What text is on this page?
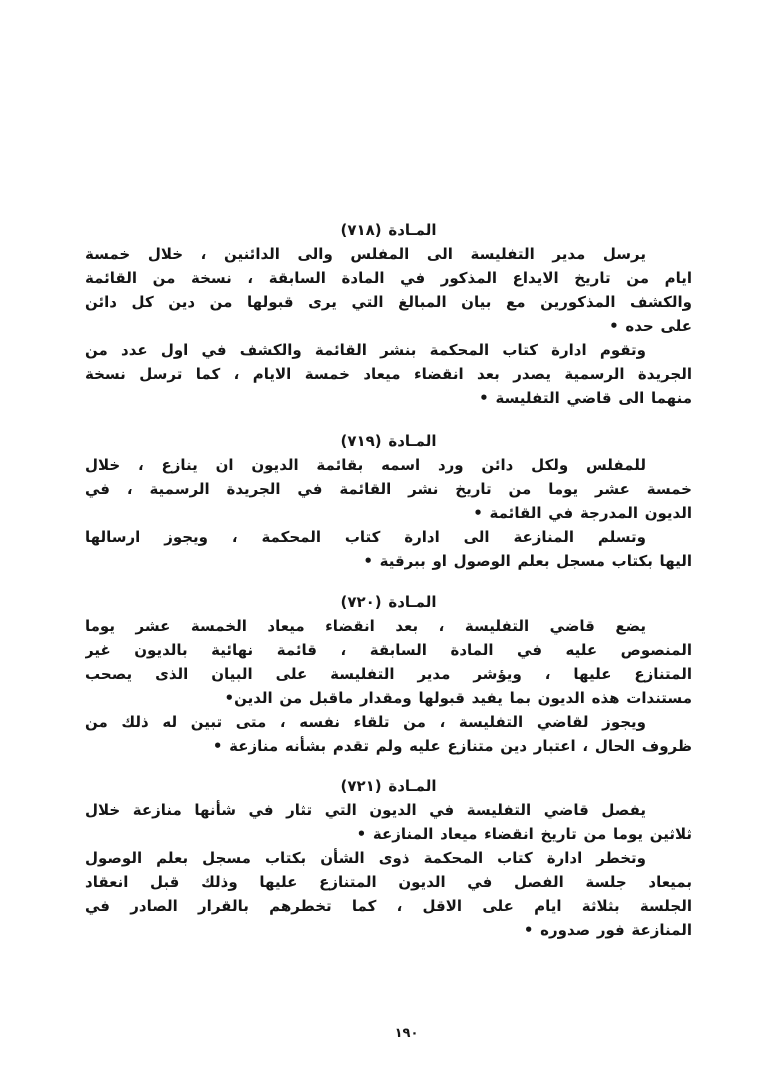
المـادة (٧١٨)
يرسل مدير التفليسة الى المفلس والى الدائنين ، خلال خمسة
ايام من تاريخ الايداع المذكور في المادة السابقة ، نسخة من القائمة
والكشف المذكورين مع بيان المبالغ التي يرى قبولها من دين كل دائن
على حده •
وتقوم ادارة كتاب المحكمة بنشر القائمة والكشف في اول عدد من
الجريدة الرسمية يصدر بعد انقضاء ميعاد خمسة الايام ، كما ترسل نسخة
منهما الى قاضي التفليسة •
المـادة (٧١٩)
للمفلس ولكل دائن ورد اسمه بقائمة الديون ان ينازع ، خلال
خمسة عشر يوما من تاريخ نشر القائمة في الجريدة الرسمية ، في
الديون المدرجة في القائمة •
وتسلم المنازعة الى ادارة كتاب المحكمة ، ويجوز ارسالها
اليها بكتاب مسجل بعلم الوصول او ببرقية •
المـادة (٧٢٠)
يضع قاضي التفليسة ، بعد انقضاء ميعاد الخمسة عشر يوما
المنصوص عليه في المادة السابقة ، قائمة نهائية بالديون غير
المتنازع عليها ، ويؤشر مدير التفليسة على البيان الذى يصحب
مستندات هذه الديون بما يفيد قبولها ومقدار ماقبل من الدين•
ويجوز لقاضي التفليسة ، من تلقاء نفسه ، متى تبين له ذلك من
ظروف الحال ، اعتبار دين متنازع عليه ولم تقدم بشأنه منازعة •
المـادة (٧٢١)
يفصل قاضي التفليسة في الديون التي تثار في شأنها منازعة خلال
ثلاثين يوما من تاريخ انقضاء ميعاد المنازعة •
وتخطر ادارة كتاب المحكمة ذوى الشأن بكتاب مسجل بعلم الوصول
بميعاد جلسة الفصل في الديون المتنازع عليها وذلك قبل انعقاد
الجلسة بثلاثة ايام على الاقل ، كما تخطرهم بالقرار الصادر في
المنازعة فور صدوره •
١٩٠
